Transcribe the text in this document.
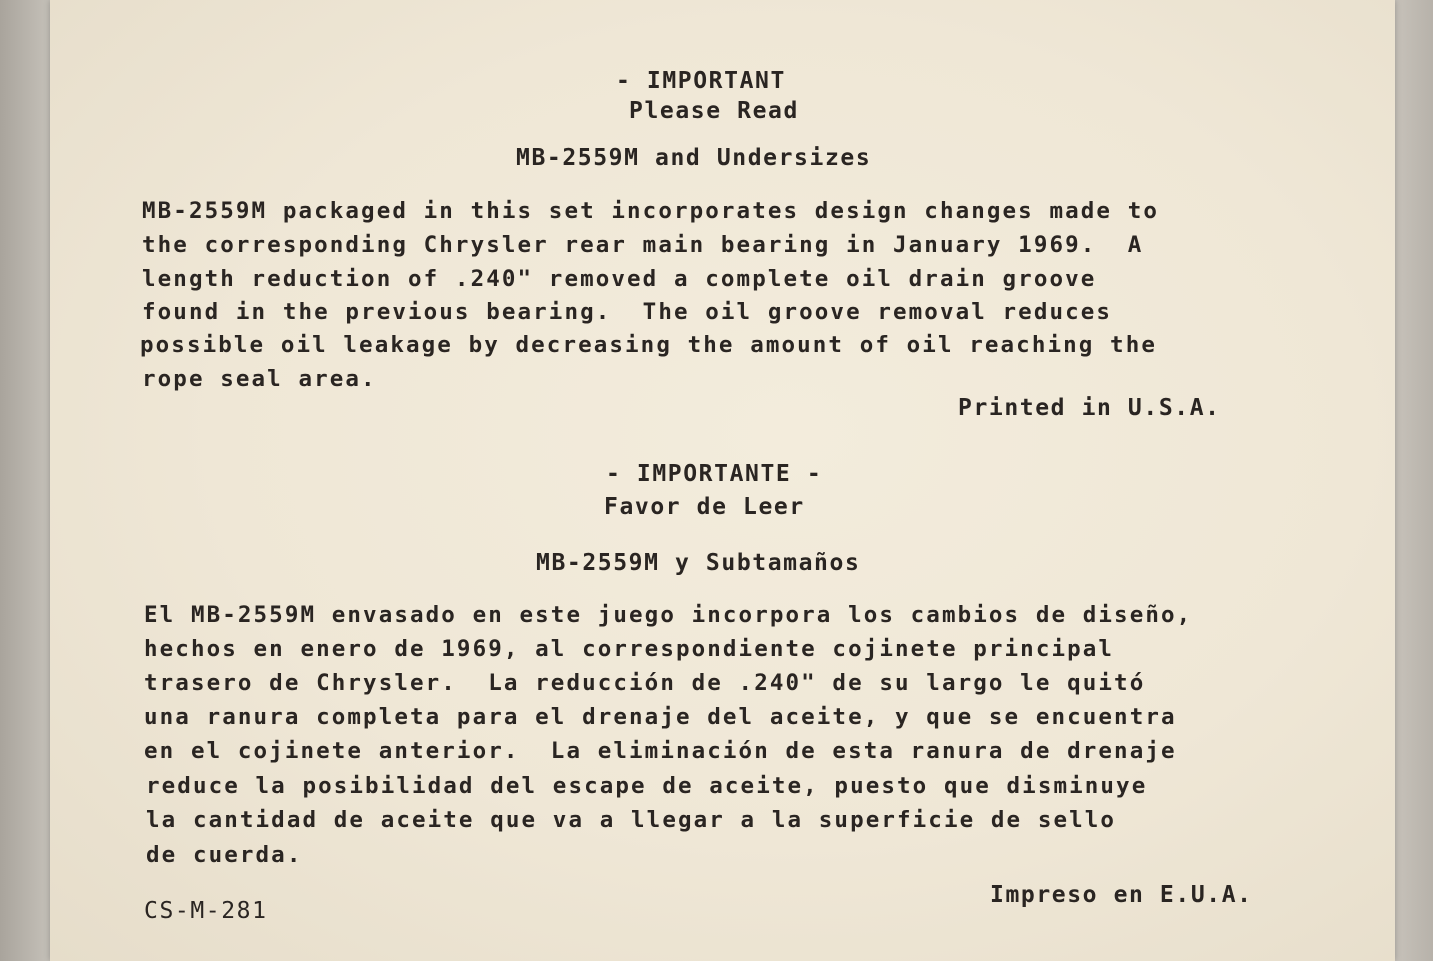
- IMPORTANT
Please Read
MB-2559M and Undersizes
MB-2559M packaged in this set incorporates design changes made to
the corresponding Chrysler rear main bearing in January 1969.  A
length reduction of .240" removed a complete oil drain groove
found in the previous bearing.  The oil groove removal reduces
possible oil leakage by decreasing the amount of oil reaching the
rope seal area.
Printed in U.S.A.
- IMPORTANTE -
Favor de Leer
MB-2559M y Subtamaños
El MB-2559M envasado en este juego incorpora los cambios de diseño,
hechos en enero de 1969, al correspondiente cojinete principal
trasero de Chrysler.  La reducción de .240" de su largo le quitó
una ranura completa para el drenaje del aceite, y que se encuentra
en el cojinete anterior.  La eliminación de esta ranura de drenaje
reduce la posibilidad del escape de aceite, puesto que disminuye
la cantidad de aceite que va a llegar a la superficie de sello
de cuerda.
Impreso en E.U.A.
CS-M-281
